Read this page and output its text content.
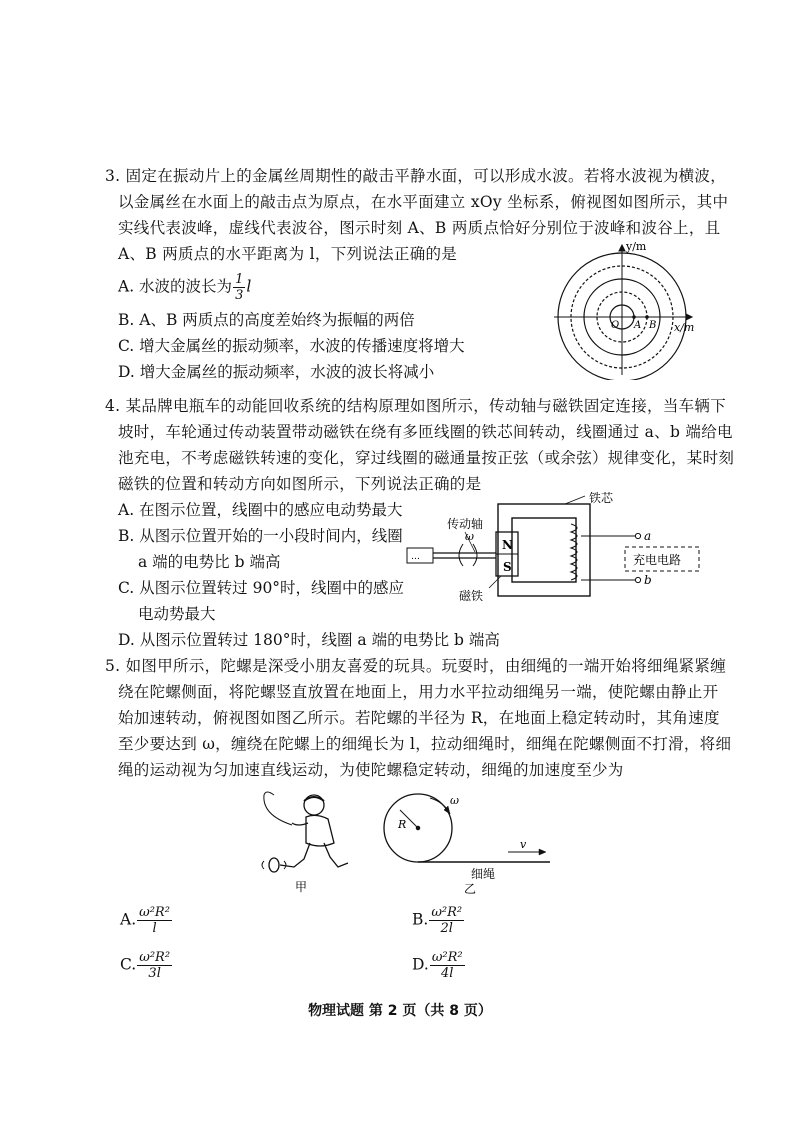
3. 固定在振动片上的金属丝周期性的敲击平静水面，可以形成水波。若将水波视为横波，
以金属丝在水面上的敲击点为原点，在水平面建立 xOy 坐标系，俯视图如图所示，其中
实线代表波峰，虚线代表波谷，图示时刻 A、B 两质点恰好分别位于波峰和波谷上，且
A、B 两质点的水平距离为 l，下列说法正确的是
A. 水波的波长为 $\frac{1}{3}$ l
B. A、B 两质点的高度差始终为振幅的两倍
C. 增大金属丝的振动频率，水波的传播速度将增大
D. 增大金属丝的振动频率，水波的波长将减小
y/m
x/m
O A B
4. 某品牌电瓶车的动能回收系统的结构原理如图所示，传动轴与磁铁固定连接，当车辆下
坡时，车轮通过传动装置带动磁铁在绕有多匝线圈的铁芯间转动，线圈通过 a、b 端给电
池充电，不考虑磁铁转速的变化，穿过线圈的磁通量按正弦（或余弦）规律变化，某时刻
磁铁的位置和转动方向如图所示，下列说法正确的是
A. 在图示位置，线圈中的感应电动势最大
B. 从图示位置开始的一小段时间内，线圈
a 端的电势比 b 端高
C. 从图示位置转过 90°时，线圈中的感应
电动势最大
D. 从图示位置转过 180°时，线圈 a 端的电势比 b 端高
…
铁芯
传动轴
ω
N
S
磁铁
a
b
充电电路
5. 如图甲所示，陀螺是深受小朋友喜爱的玩具。玩耍时，由细绳的一端开始将细绳紧紧缠
绕在陀螺侧面，将陀螺竖直放置在地面上，用力水平拉动细绳另一端，使陀螺由静止开
始加速转动，俯视图如图乙所示。若陀螺的半径为 R，在地面上稳定转动时，其角速度
至少要达到 ω，缠绕在陀螺上的细绳长为 l，拉动细绳时，细绳在陀螺侧面不打滑，将细
绳的运动视为匀加速直线运动，为使陀螺稳定转动，细绳的加速度至少为
甲
R
ω
v
细绳
乙
A. $\frac{\text{ω²R²}}{l}$	B. $\frac{\text{ω²R²}}{2l}$
C. $\frac{\text{ω²R²}}{3l}$	D. $\frac{\text{ω²R²}}{4l}$
物理试题 第 2 页（共 8 页）
